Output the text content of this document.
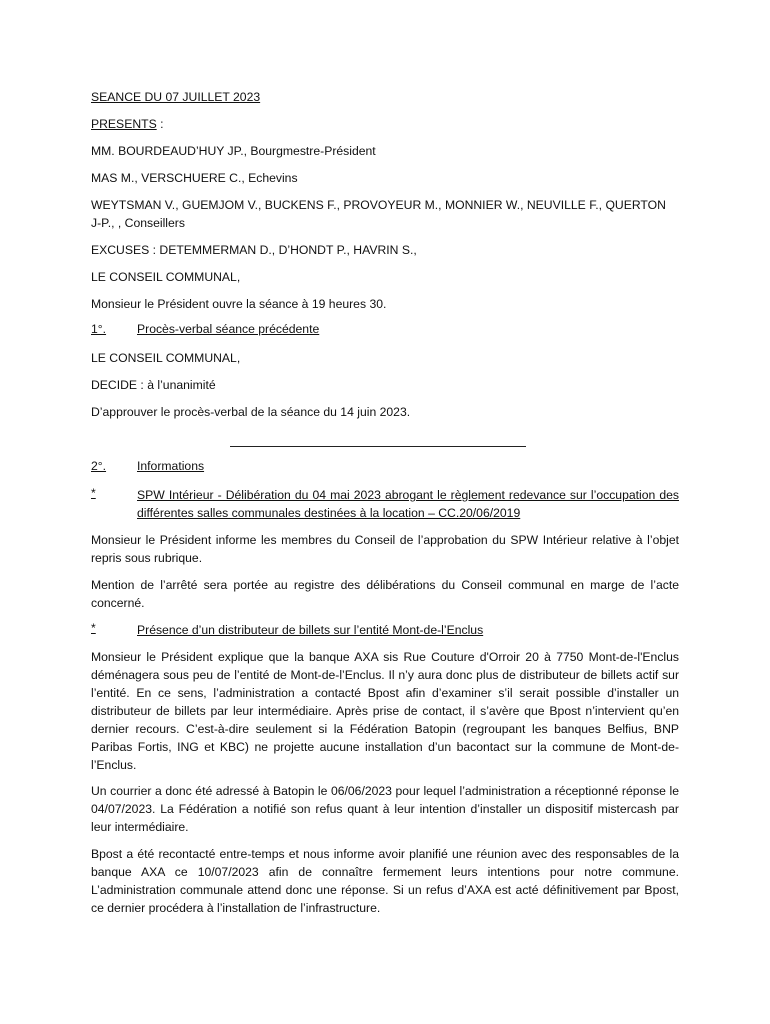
SEANCE DU 07 JUILLET 2023

PRESENTS :

MM. BOURDEAUD’HUY JP., Bourgmestre-Président

MAS M., VERSCHUERE C., Echevins

WEYTSMAN V., GUEMJOM V., BUCKENS F., PROVOYEUR M., MONNIER W., NEUVILLE F., QUERTON J-P., , Conseillers

EXCUSES : DETEMMERMAN D., D’HONDT P., HAVRIN S.,

LE CONSEIL COMMUNAL,

Monsieur le Président ouvre la séance à 19 heures 30.

1°.	Procès-verbal séance précédente

LE CONSEIL COMMUNAL,

DECIDE : à l’unanimité

D’approuver le procès-verbal de la séance du 14 juin 2023.

2°.	Informations
*	SPW Intérieur - Délibération du 04 mai 2023 abrogant le règlement redevance sur l’occupation des différentes salles communales destinées à la location – CC.20/06/2019

Monsieur le Président informe les membres du Conseil de l’approbation du SPW Intérieur relative à l’objet repris sous rubrique.

Mention de l’arrêté sera portée au registre des délibérations du Conseil communal en marge de l’acte concerné.

*	Présence d’un distributeur de billets sur l’entité Mont-de-l’Enclus

Monsieur le Président explique que la banque AXA sis Rue Couture d'Orroir 20 à 7750 Mont-de-l'Enclus déménagera sous peu de l’entité de Mont-de-l’Enclus. Il n’y aura donc plus de distributeur de billets actif sur l’entité. En ce sens, l’administration a contacté Bpost afin d’examiner s’il serait possible d’installer un distributeur de billets par leur intermédiaire. Après prise de contact, il s’avère que Bpost n’intervient qu’en dernier recours. C’est-à-dire seulement si la Fédération Batopin (regroupant les banques Belfius, BNP Paribas Fortis, ING et KBC) ne projette aucune installation d’un bacontact sur la commune de Mont-de-l’Enclus.

Un courrier a donc été adressé à Batopin le 06/06/2023 pour lequel l’administration a réceptionné réponse le 04/07/2023. La Fédération a notifié son refus quant à leur intention d’installer un dispositif mistercash par leur intermédiaire.

Bpost a été recontacté entre-temps et nous informe avoir planifié une réunion avec des responsables de la banque AXA ce 10/07/2023 afin de connaître fermement leurs intentions pour notre commune. L’administration communale attend donc une réponse. Si un refus d’AXA est acté définitivement par Bpost, ce dernier procédera à l’installation de l’infrastructure.
